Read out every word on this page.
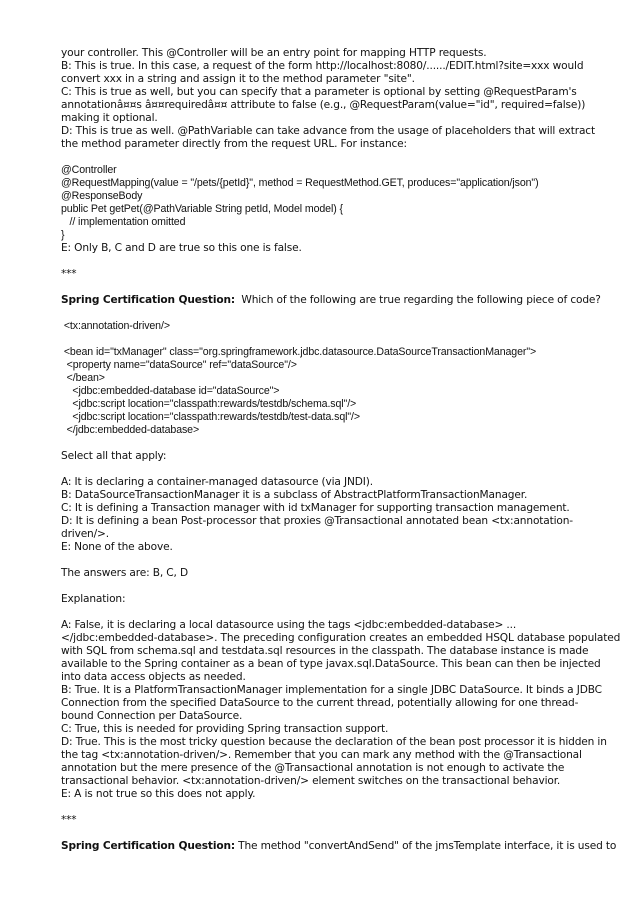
your controller. This @Controller will be an entry point for mapping HTTP requests.
B: This is true. In this case, a request of the form http://localhost:8080/....../EDIT.html?site=xxx would
convert xxx in a string and assign it to the method parameter "site".
C: This is true as well, but you can specify that a parameter is optional by setting @RequestParam's
annotationâ¤¤s â¤¤requiredâ¤¤ attribute to false (e.g., @RequestParam(value="id", required=false))
making it optional.
D: This is true as well. @PathVariable can take advance from the usage of placeholders that will extract
the method parameter directly from the request URL. For instance:
@Controller
@RequestMapping(value = "/pets/{petId}", method = RequestMethod.GET, produces="application/json")
@ResponseBody
public Pet getPet(@PathVariable String petId, Model model) {
// implementation omitted
}
E: Only B, C and D are true so this one is false.
***
Spring Certification Question: Which of the following are true regarding the following piece of code?
<tx:annotation-driven/>
<bean id="txManager" class="org.springframework.jdbc.datasource.DataSourceTransactionManager">
<property name="dataSource" ref="dataSource"/>
</bean>
<jdbc:embedded-database id="dataSource">
<jdbc:script location="classpath:rewards/testdb/schema.sql"/>
<jdbc:script location="classpath:rewards/testdb/test-data.sql"/>
</jdbc:embedded-database>
Select all that apply:
A: It is declaring a container-managed datasource (via JNDI).
B: DataSourceTransactionManager it is a subclass of AbstractPlatformTransactionManager.
C: It is defining a Transaction manager with id txManager for supporting transaction management.
D: It is defining a bean Post-processor that proxies @Transactional annotated bean <tx:annotation-
driven/>.
E: None of the above.
The answers are: B, C, D
Explanation:
A: False, it is declaring a local datasource using the tags <jdbc:embedded-database> ...
</jdbc:embedded-database>. The preceding configuration creates an embedded HSQL database populated
with SQL from schema.sql and testdata.sql resources in the classpath. The database instance is made
available to the Spring container as a bean of type javax.sql.DataSource. This bean can then be injected
into data access objects as needed.
B: True. It is a PlatformTransactionManager implementation for a single JDBC DataSource. It binds a JDBC
Connection from the specified DataSource to the current thread, potentially allowing for one thread-
bound Connection per DataSource.
C: True, this is needed for providing Spring transaction support.
D: True. This is the most tricky question because the declaration of the bean post processor it is hidden in
the tag <tx:annotation-driven/>. Remember that you can mark any method with the @Transactional
annotation but the mere presence of the @Transactional annotation is not enough to activate the
transactional behavior. <tx:annotation-driven/> element switches on the transactional behavior.
E: A is not true so this does not apply.
***
Spring Certification Question: The method "convertAndSend" of the jmsTemplate interface, it is used to
